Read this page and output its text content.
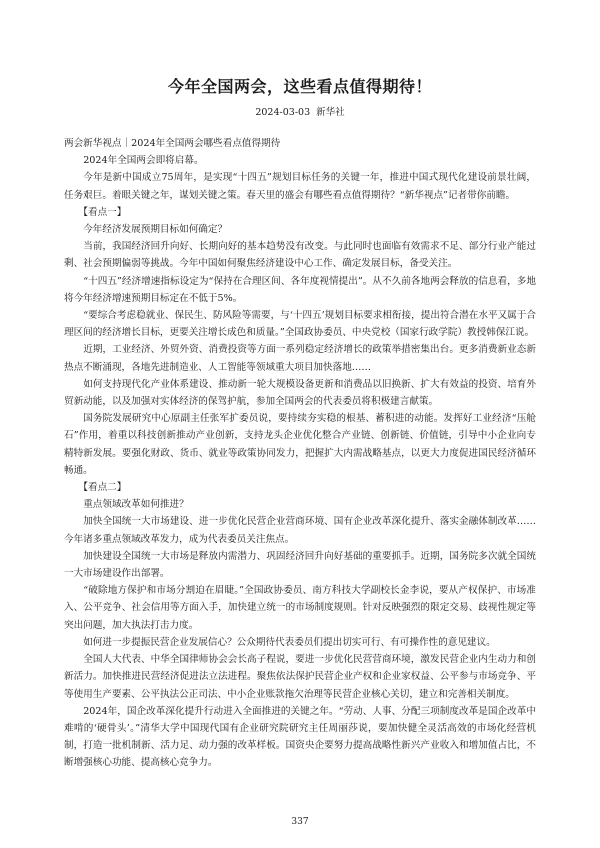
今年全国两会，这些看点值得期待！
2024-03-03 新华社

两会新华视点｜2024年全国两会哪些看点值得期待

2024年全国两会即将启幕。

今年是新中国成立75周年，是实现“十四五”规划目标任务的关键一年，推进中国式现代化建设前景壮阔，任务艰巨。着眼关键之年，谋划关键之策。春天里的盛会有哪些看点值得期待？“新华视点”记者带你前瞻。

【看点一】

今年经济发展预期目标如何确定？

当前，我国经济回升向好、长期向好的基本趋势没有改变。与此同时也面临有效需求不足、部分行业产能过剩、社会预期偏弱等挑战。今年中国如何聚焦经济建设中心工作、确定发展目标，备受关注。

“十四五”经济增速指标设定为“保持在合理区间、各年度视情提出”。从不久前各地两会释放的信息看，多地将今年经济增速预期目标定在不低于5%。

“要综合考虑稳就业、保民生、防风险等需要，与‘十四五’规划目标要求相衔接，提出符合潜在水平又属于合理区间的经济增长目标，更要关注增长成色和质量。”全国政协委员、中央党校（国家行政学院）教授韩保江说。

近期，工业经济、外贸外资、消费投资等方面一系列稳定经济增长的政策举措密集出台。更多消费新业态新热点不断涌现，各地先进制造业、人工智能等领域重大项目加快落地……

如何支持现代化产业体系建设、推动新一轮大规模设备更新和消费品以旧换新、扩大有效益的投资、培育外贸新动能，以及加强对实体经济的保驾护航，参加全国两会的代表委员将积极建言献策。

国务院发展研究中心原副主任张军扩委员说，要持续夯实稳的根基、蓄积进的动能。发挥好工业经济“压舱石”作用，着重以科技创新推动产业创新，支持龙头企业优化整合产业链、创新链、价值链，引导中小企业向专精特新发展。要强化财政、货币、就业等政策协同发力，把握扩大内需战略基点，以更大力度促进国民经济循环畅通。

【看点二】

重点领域改革如何推进？

加快全国统一大市场建设、进一步优化民营企业营商环境、国有企业改革深化提升、落实金融体制改革……今年诸多重点领域改革发力，成为代表委员关注焦点。

加快建设全国统一大市场是释放内需潜力、巩固经济回升向好基础的重要抓手。近期，国务院多次就全国统一大市场建设作出部署。

“破除地方保护和市场分割迫在眉睫。”全国政协委员、南方科技大学副校长金李说，要从产权保护、市场准入、公平竞争、社会信用等方面入手，加快建立统一的市场制度规则。针对反映强烈的限定交易、歧视性规定等突出问题，加大执法打击力度。

如何进一步提振民营企业发展信心？公众期待代表委员们提出切实可行、有可操作性的意见建议。

全国人大代表、中华全国律师协会会长高子程说，要进一步优化民营营商环境，激发民营企业内生动力和创新活力。加快推进民营经济促进法立法进程。聚焦依法保护民营企业产权和企业家权益、公平参与市场竞争、平等使用生产要素、公平执法公正司法、中小企业账款拖欠治理等民营企业核心关切，建立和完善相关制度。

2024年，国企改革深化提升行动进入全面推进的关键之年。“劳动、人事、分配三项制度改革是国企改革中难啃的‘硬骨头’。”清华大学中国现代国有企业研究院研究主任周丽莎说，要加快健全灵活高效的市场化经营机制，打造一批机制新、活力足、动力强的改革样板。国资央企要努力提高战略性新兴产业收入和增加值占比，不断增强核心功能、提高核心竞争力。

337
